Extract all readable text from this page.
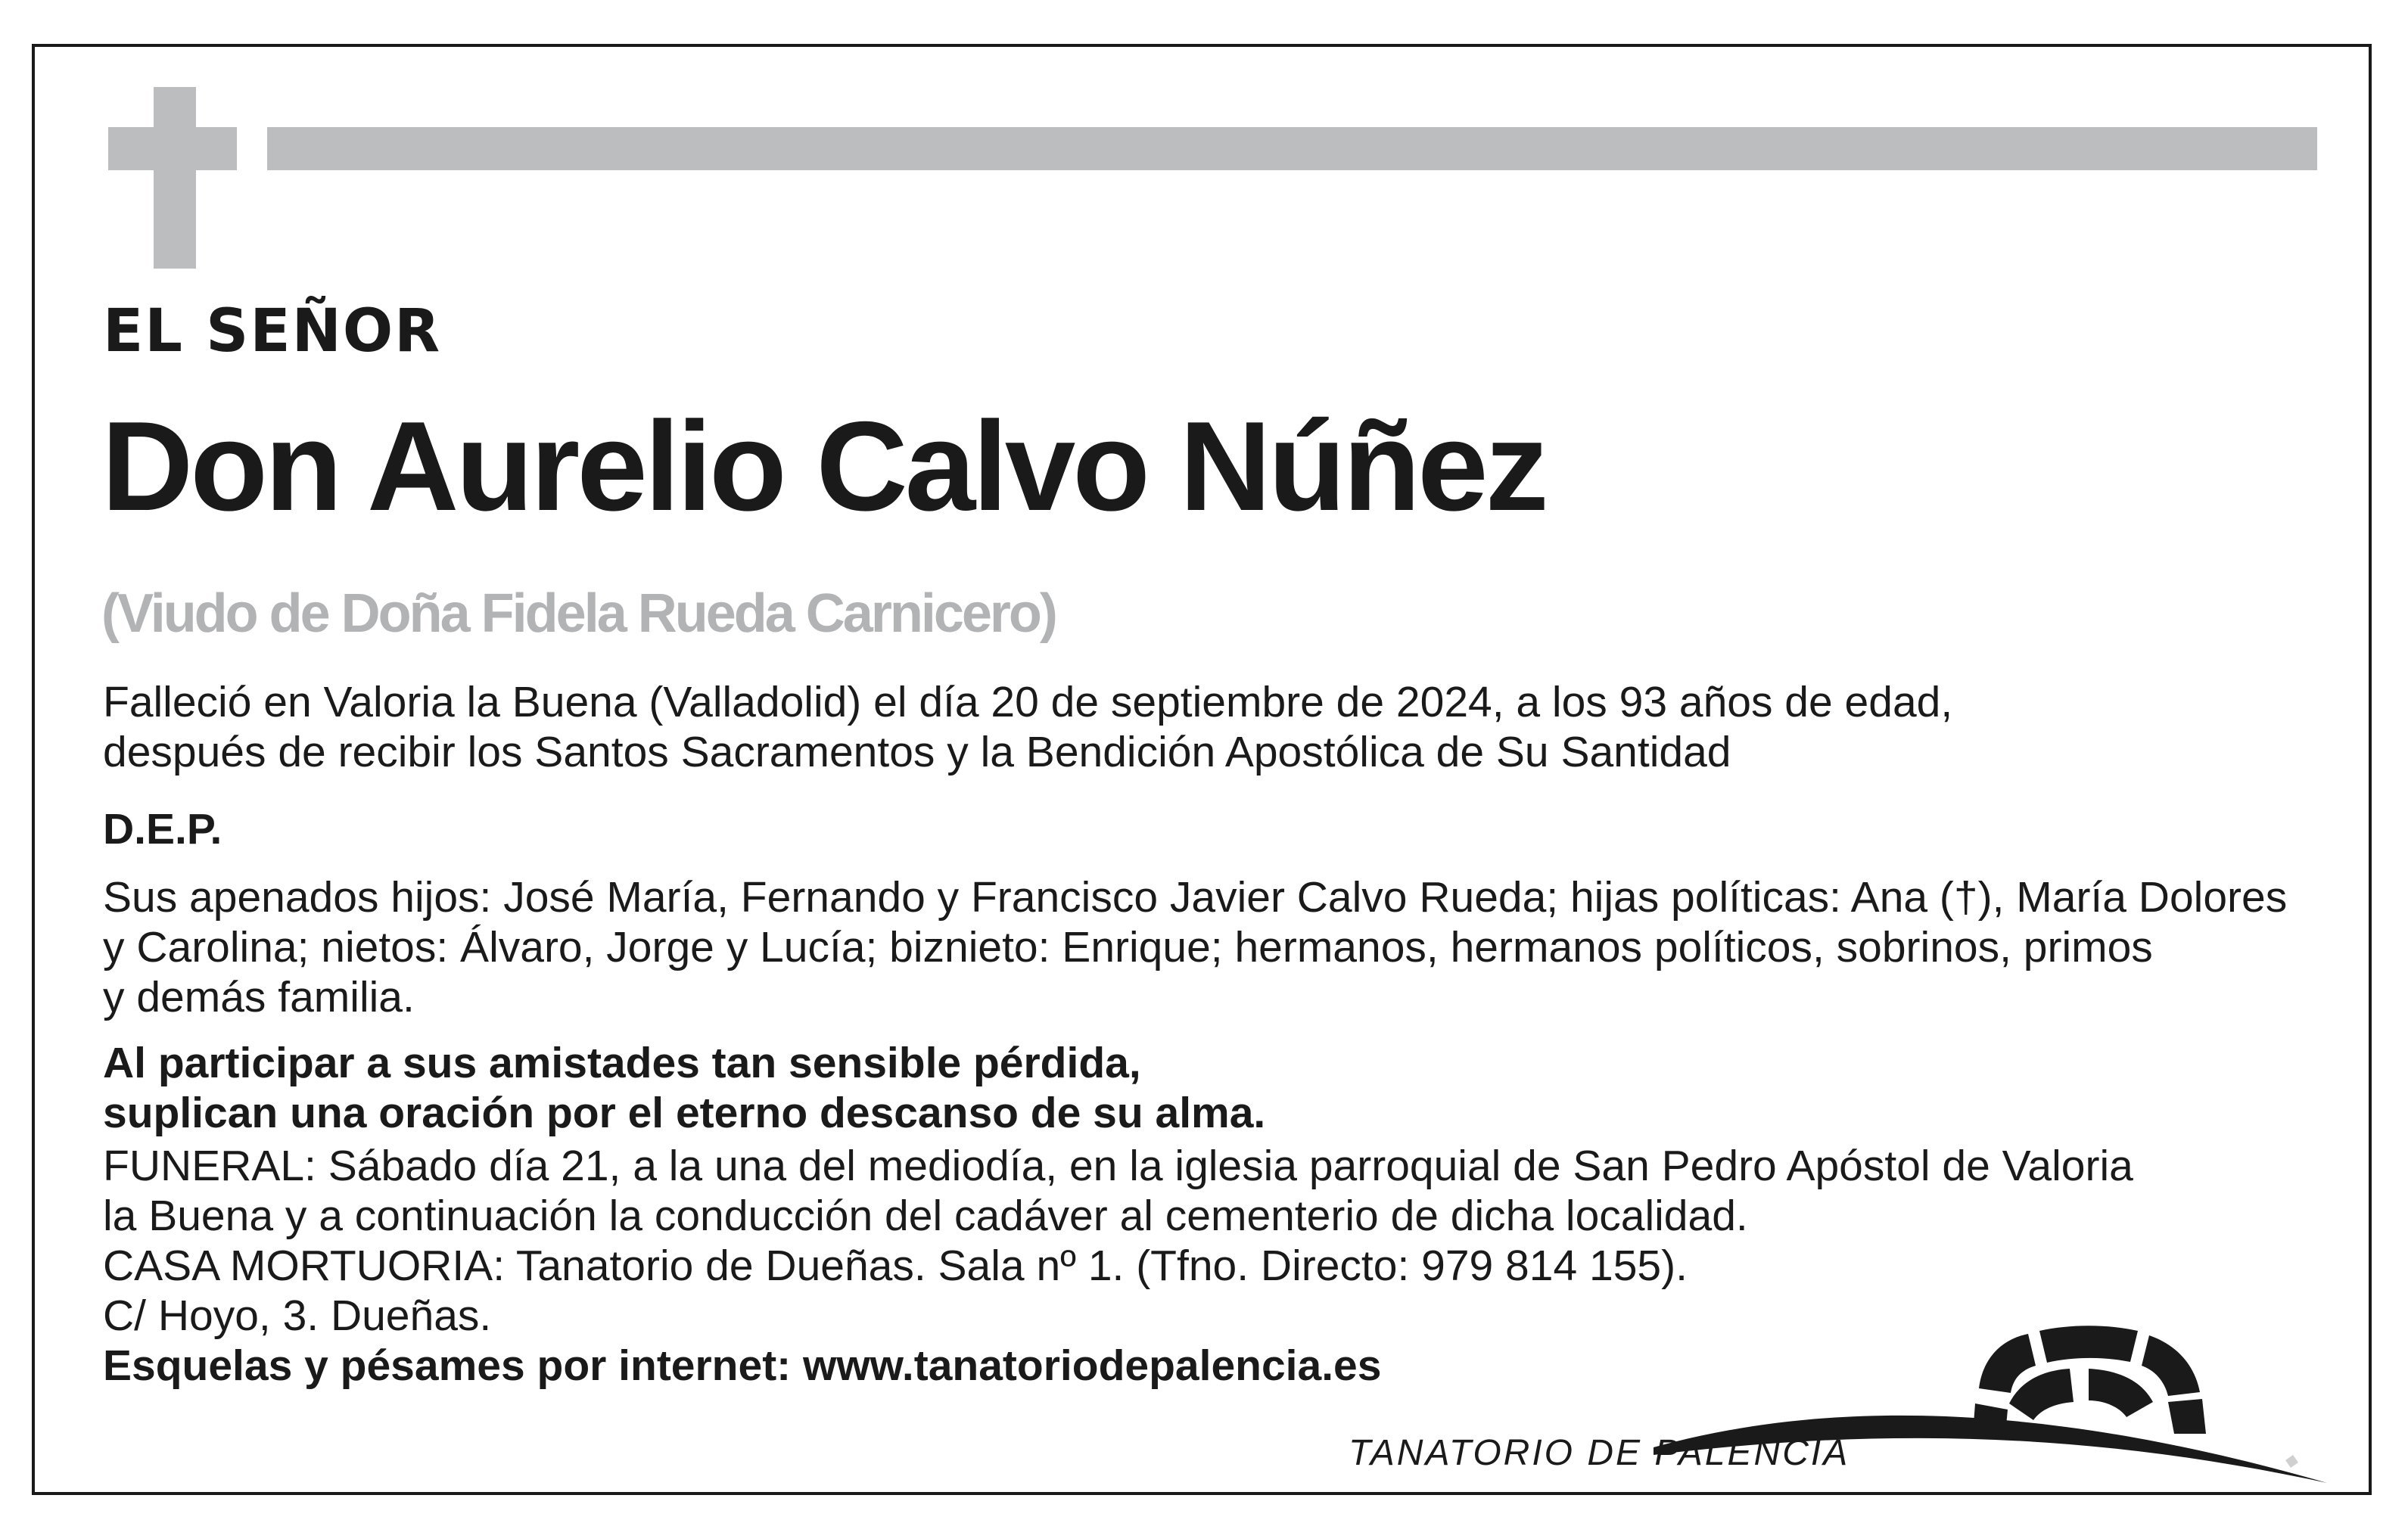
EL SEÑOR
Don Aurelio Calvo Núñez

(Viudo de Doña Fidela Rueda Carnicero)

Falleció en Valoria la Buena (Valladolid) el día 20 de septiembre de 2024, a los 93 años de edad,
después de recibir los Santos Sacramentos y la Bendición Apostólica de Su Santidad

D.E.P.

Sus apenados hijos: José María, Fernando y Francisco Javier Calvo Rueda; hijas políticas: Ana (†), María Dolores
y Carolina; nietos: Álvaro, Jorge y Lucía; biznieto: Enrique; hermanos, hermanos políticos, sobrinos, primos
y demás familia.

Al participar a sus amistades tan sensible pérdida,
suplican una oración por el eterno descanso de su alma.

FUNERAL: Sábado día 21, a la una del mediodía, en la iglesia parroquial de San Pedro Apóstol de Valoria
la Buena y a continuación la conducción del cadáver al cementerio de dicha localidad.
CASA MORTUORIA: Tanatorio de Dueñas. Sala nº 1. (Tfno. Directo: 979 814 155).
C/ Hoyo, 3. Dueñas.
Esquelas y pésames por internet: www.tanatoriodepalencia.es

TANATORIO DE PALENCIA
